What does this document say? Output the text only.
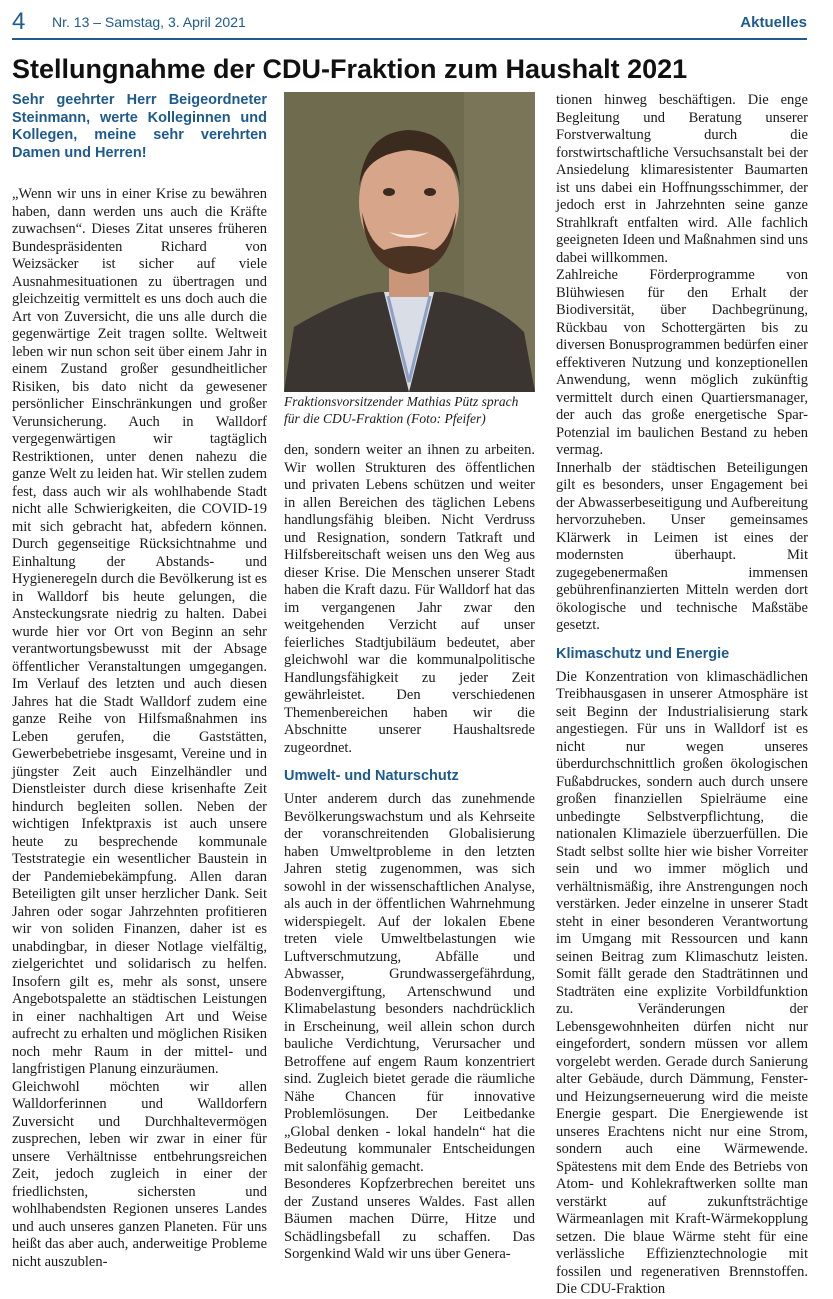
4 Nr. 13 – Samstag, 3. April 2021	Aktuelles
Stellungnahme der CDU-Fraktion zum Haushalt 2021
Sehr geehrter Herr Beigeordneter Steinmann, werte Kolleginnen und Kollegen, meine sehr verehrten Damen und Herren!

„Wenn wir uns in einer Krise zu bewähren haben, dann werden uns auch die Kräfte zuwachsen“. Dieses Zitat unseres früheren Bundespräsidenten Richard von Weizsäcker ist sicher auf viele Ausnahmesituationen zu übertragen und gleichzeitig vermittelt es uns doch auch die Art von Zuversicht, die uns alle durch die gegenwärtige Zeit tragen sollte. Weltweit leben wir nun schon seit über einem Jahr in einem Zustand großer gesundheitlicher Risiken, bis dato nicht da gewesener persönlicher Einschränkungen und großer Verunsicherung. Auch in Walldorf vergegenwärtigen wir tagtäglich Restriktionen, unter denen nahezu die ganze Welt zu leiden hat. Wir stellen zudem fest, dass auch wir als wohlhabende Stadt nicht alle Schwierigkeiten, die COVID-19 mit sich gebracht hat, abfedern können. Durch gegenseitige Rücksichtnahme und Einhaltung der Abstands- und Hygieneregeln durch die Bevölkerung ist es in Walldorf bis heute gelungen, die Ansteckungsrate niedrig zu halten. Dabei wurde hier vor Ort von Beginn an sehr verantwortungsbewusst mit der Absage öffentlicher Veranstaltungen umgegangen. Im Verlauf des letzten und auch diesen Jahres hat die Stadt Walldorf zudem eine ganze Reihe von Hilfsmaßnahmen ins Leben gerufen, die Gaststätten, Gewerbebetriebe insgesamt, Vereine und in jüngster Zeit auch Einzelhändler und Dienstleister durch diese krisenhafte Zeit hindurch begleiten sollen. Neben der wichtigen Infektpraxis ist auch unsere heute zu besprechende kommunale Teststrategie ein wesentlicher Baustein in der Pandemiebekämpfung. Allen daran Beteiligten gilt unser herzlicher Dank. Seit Jahren oder sogar Jahrzehnten profitieren wir von soliden Finanzen, daher ist es unabdingbar, in dieser Notlage vielfältig, zielgerichtet und solidarisch zu helfen. Insofern gilt es, mehr als sonst, unsere Angebotspalette an städtischen Leistungen in einer nachhaltigen Art und Weise aufrecht zu erhalten und möglichen Risiken noch mehr Raum in der mittel- und langfristigen Planung einzuräumen.

Gleichwohl möchten wir allen Walldorferinnen und Walldorfern Zuversicht und Durchhaltevermögen zusprechen, leben wir zwar in einer für unsere Verhältnisse entbehrungsreichen Zeit, jedoch zugleich in einer der friedlichsten, sichersten und wohlhabendsten Regionen unseres Landes und auch unseres ganzen Planeten. Für uns heißt das aber auch, anderweitige Probleme nicht auszublen-

Fraktionsvorsitzender Mathias Pütz sprach für die CDU-Fraktion (Foto: Pfeifer)

den, sondern weiter an ihnen zu arbeiten. Wir wollen Strukturen des öffentlichen und privaten Lebens schützen und weiter in allen Bereichen des täglichen Lebens handlungsfähig bleiben. Nicht Verdruss und Resignation, sondern Tatkraft und Hilfsbereitschaft weisen uns den Weg aus dieser Krise. Die Menschen unserer Stadt haben die Kraft dazu. Für Walldorf hat das im vergangenen Jahr zwar den weitgehenden Verzicht auf unser feierliches Stadtjubiläum bedeutet, aber gleichwohl war die kommunalpolitische Handlungsfähigkeit zu jeder Zeit gewährleistet. Den verschiedenen Themenbereichen haben wir die Abschnitte unserer Haushaltsrede zugeordnet.

Umwelt- und Naturschutz

Unter anderem durch das zunehmende Bevölkerungswachstum und als Kehrseite der voranschreitenden Globalisierung haben Umweltprobleme in den letzten Jahren stetig zugenommen, was sich sowohl in der wissenschaftlichen Analyse, als auch in der öffentlichen Wahrnehmung widerspiegelt. Auf der lokalen Ebene treten viele Umweltbelastungen wie Luftverschmutzung, Abfälle und Abwasser, Grundwassergefährdung, Bodenvergiftung, Artenschwund und Klimabelastung besonders nachdrücklich in Erscheinung, weil allein schon durch bauliche Verdichtung, Verursacher und Betroffene auf engem Raum konzentriert sind. Zugleich bietet gerade die räumliche Nähe Chancen für innovative Problemlösungen. Der Leitbedanke „Global denken - lokal handeln“ hat die Bedeutung kommunaler Entscheidungen mit salonfähig gemacht.

Besonderes Kopfzerbrechen bereitet uns der Zustand unseres Waldes. Fast allen Bäumen machen Dürre, Hitze und Schädlingsbefall zu schaffen. Das Sorgenkind Wald wir uns über Genera-

tionen hinweg beschäftigen. Die enge Begleitung und Beratung unserer Forstverwaltung durch die forstwirtschaftliche Versuchsanstalt bei der Ansiedelung klimaresistenter Baumarten ist uns dabei ein Hoffnungsschimmer, der jedoch erst in Jahrzehnten seine ganze Strahlkraft entfalten wird. Alle fachlich geeigneten Ideen und Maßnahmen sind uns dabei willkommen.

Zahlreiche Förderprogramme von Blühwiesen für den Erhalt der Biodiversität, über Dachbegrünung, Rückbau von Schottergärten bis zu diversen Bonusprogrammen bedürfen einer effektiveren Nutzung und konzeptionellen Anwendung, wenn möglich zukünftig vermittelt durch einen Quartiersmanager, der auch das große energetische Spar-Potenzial im baulichen Bestand zu heben vermag.

Innerhalb der städtischen Beteiligungen gilt es besonders, unser Engagement bei der Abwasserbeseitigung und Aufbereitung hervorzuheben. Unser gemeinsames Klärwerk in Leimen ist eines der modernsten überhaupt. Mit zugegebenermaßen immensen gebührenfinanzierten Mitteln werden dort ökologische und technische Maßstäbe gesetzt.

Klimaschutz und Energie

Die Konzentration von klimaschädlichen Treibhausgasen in unserer Atmosphäre ist seit Beginn der Industrialisierung stark angestiegen. Für uns in Walldorf ist es nicht nur wegen unseres überdurchschnittlich großen ökologischen Fußabdruckes, sondern auch durch unsere großen finanziellen Spielräume eine unbedingte Selbstverpflichtung, die nationalen Klimaziele überzuerfüllen. Die Stadt selbst sollte hier wie bisher Vorreiter sein und wo immer möglich und verhältnismäßig, ihre Anstrengungen noch verstärken. Jeder einzelne in unserer Stadt steht in einer besonderen Verantwortung im Umgang mit Ressourcen und kann seinen Beitrag zum Klimaschutz leisten. Somit fällt gerade den Stadträtinnen und Stadträten eine explizite Vorbildfunktion zu. Veränderungen der Lebensgewohnheiten dürfen nicht nur eingefordert, sondern müssen vor allem vorgelebt werden. Gerade durch Sanierung alter Gebäude, durch Dämmung, Fenster- und Heizungserneuerung wird die meiste Energie gespart. Die Energiewende ist unseres Erachtens nicht nur eine Strom, sondern auch eine Wärmewende. Spätestens mit dem Ende des Betriebs von Atom- und Kohlekraftwerken sollte man verstärkt auf zukunftsträchtige Wärmeanlagen mit Kraft-Wärmekopplung setzen. Die blaue Wärme steht für eine verlässliche Effizienztechnologie mit fossilen und regenerativen Brennstoffen. Die CDU-Fraktion
